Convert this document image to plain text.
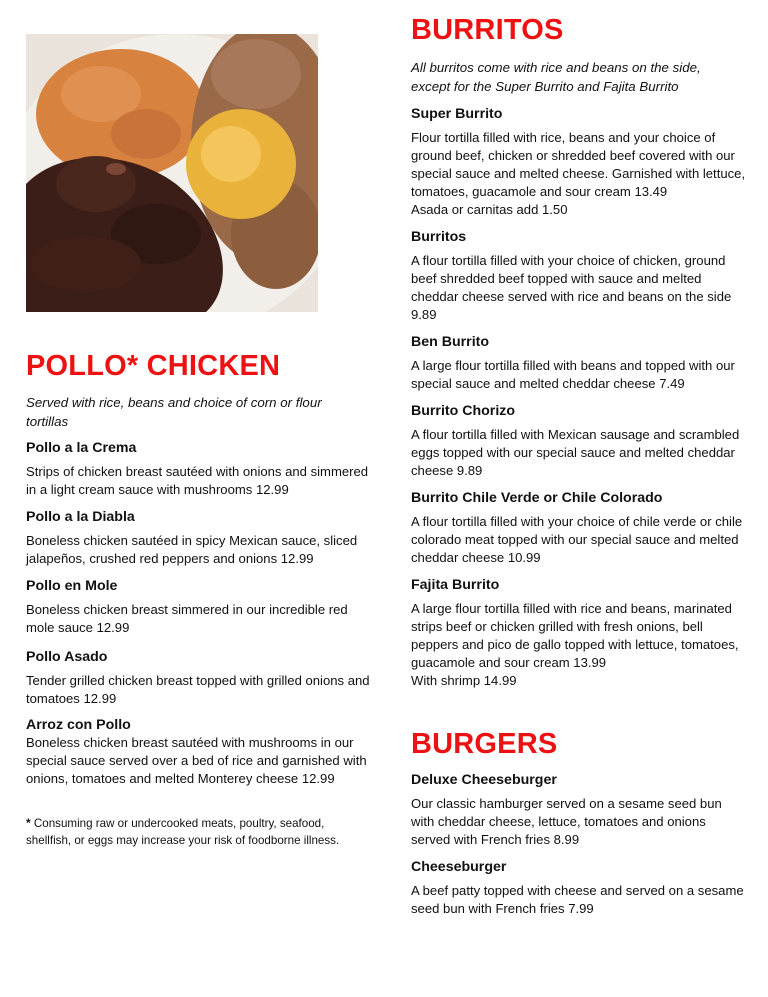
POLLO* CHICKEN

Served with rice, beans and choice of corn or flour tortillas

Pollo a la Crema

Strips of chicken breast sautéed with onions and simmered in a light cream sauce with mushrooms 12.99

Pollo a la Diabla

Boneless chicken sautéed in spicy Mexican sauce, sliced jalapeños, crushed red peppers and onions 12.99

Pollo en Mole

Boneless chicken breast simmered in our incredible red mole sauce 12.99

Pollo Asado

Tender grilled chicken breast topped with grilled onions and tomatoes 12.99

Arroz con Pollo

Boneless chicken breast sautéed with mushrooms in our special sauce served over a bed of rice and garnished with onions, tomatoes and melted Monterey cheese 12.99

* Consuming raw or undercooked meats, poultry, seafood, shellfish, or eggs may increase your risk of foodborne illness.

BURRITOS

All burritos come with rice and beans on the side, except for the Super Burrito and Fajita Burrito

Super Burrito

Flour tortilla filled with rice, beans and your choice of ground beef, chicken or shredded beef covered with our special sauce and melted cheese. Garnished with lettuce, tomatoes, guacamole and sour cream 13.49

Asada or carnitas add 1.50

Burritos

A flour tortilla filled with your choice of chicken, ground beef shredded beef topped with sauce and melted cheddar cheese served with rice and beans on the side 9.89

Ben Burrito

A large flour tortilla filled with beans and topped with our special sauce and melted cheddar cheese 7.49

Burrito Chorizo

A flour tortilla filled with Mexican sausage and scrambled eggs topped with our special sauce and melted cheddar cheese 9.89

Burrito Chile Verde or Chile Colorado

A flour tortilla filled with your choice of chile verde or chile colorado meat topped with our special sauce and melted cheddar cheese 10.99

Fajita Burrito

A large flour tortilla filled with rice and beans, marinated strips beef or chicken grilled with fresh onions, bell peppers and pico de gallo topped with lettuce, tomatoes, guacamole and sour cream 13.99

With shrimp 14.99

BURGERS

Deluxe Cheeseburger

Our classic hamburger served on a sesame seed bun with cheddar cheese, lettuce, tomatoes and onions served with French fries 8.99

Cheeseburger

A beef patty topped with cheese and served on a sesame seed bun with French fries 7.99
